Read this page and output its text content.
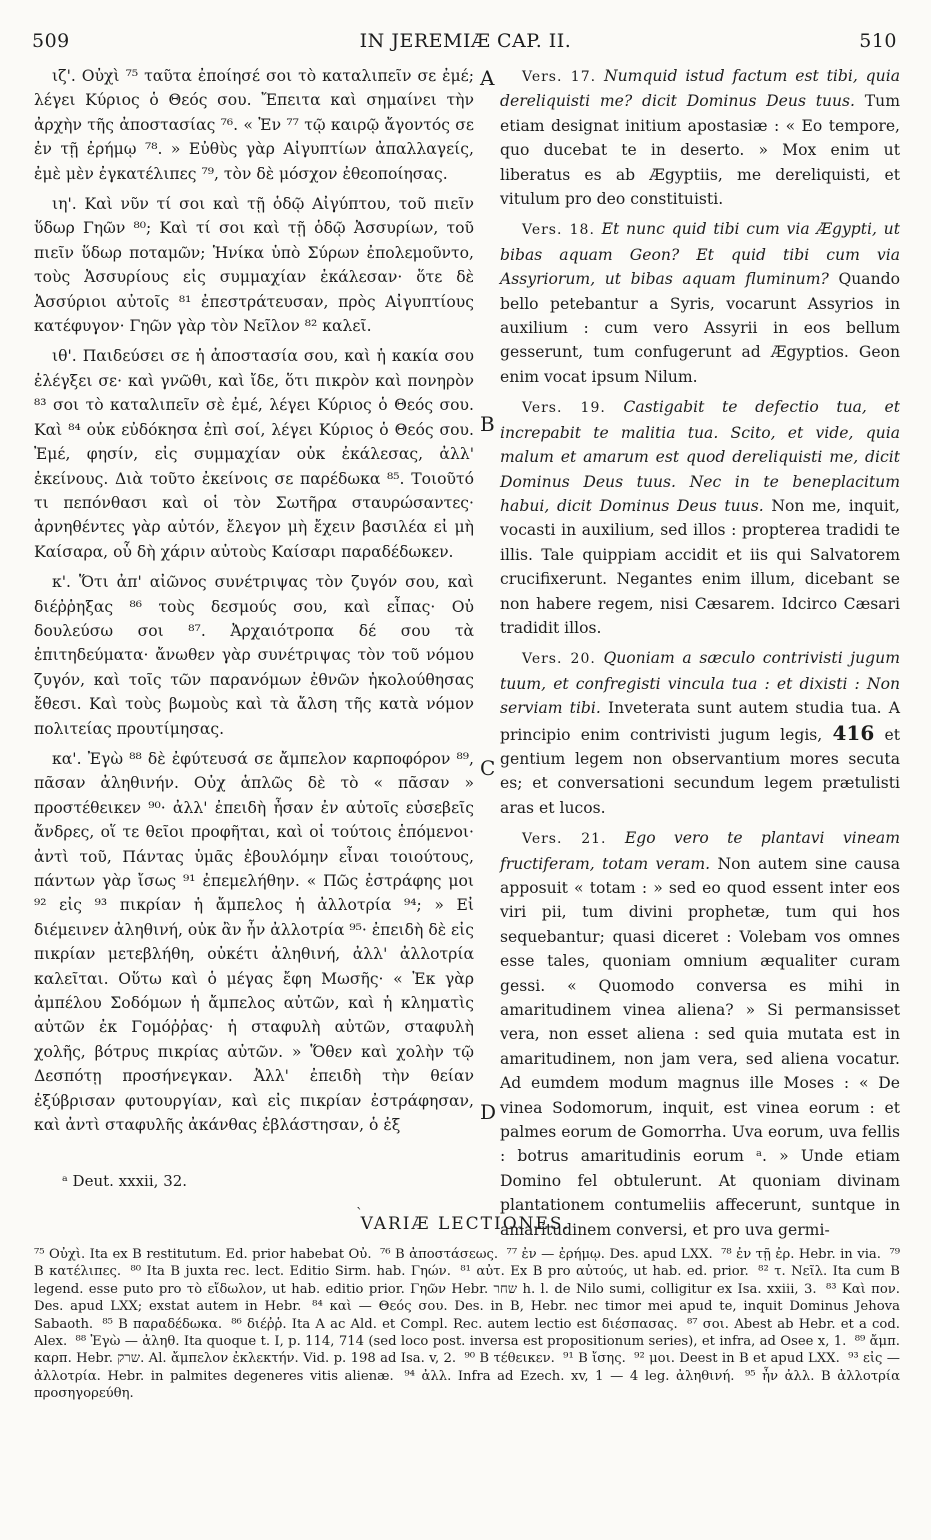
509	IN JEREMIÆ CAP. II.	510

ιζ'. Οὐχὶ ⁷⁵ ταῦτα ἐποίησέ σοι τὸ καταλιπεῖν σε ἐμέ; λέγει Κύριος ὁ Θεός σου. Ἔπειτα καὶ σημαίνει τὴν ἀρχὴν τῆς ἀποστασίας ⁷⁶. « Ἐν ⁷⁷ τῷ καιρῷ ἄγοντός σε ἐν τῇ ἐρήμῳ ⁷⁸. » Εὐθὺς γὰρ Αἰγυπτίων ἀπαλλαγείς, ἐμὲ μὲν ἐγκατέλιπες ⁷⁹, τὸν δὲ μόσχον ἐθεοποίησας.

ιη'. Καὶ νῦν τί σοι καὶ τῇ ὁδῷ Αἰγύπτου, τοῦ πιεῖν ὕδωρ Γηῶν ⁸⁰; Καὶ τί σοι καὶ τῇ ὁδῷ Ἀσσυρίων, τοῦ πιεῖν ὕδωρ ποταμῶν; Ἡνίκα ὑπὸ Σύρων ἐπολεμοῦντο, τοὺς Ἀσσυρίους εἰς συμμαχίαν ἐκάλεσαν· ὅτε δὲ Ἀσσύριοι αὐτοῖς ⁸¹ ἐπεστράτευσαν, πρὸς Αἰγυπτίους κατέφυγον· Γηῶν γὰρ τὸν Νεῖλον ⁸² καλεῖ.

ιθ'. Παιδεύσει σε ἡ ἀποστασία σου, καὶ ἡ κακία σου ἐλέγξει σε· καὶ γνῶθι, καὶ ἴδε, ὅτι πικρὸν καὶ πονηρὸν ⁸³ σοι τὸ καταλιπεῖν σὲ ἐμέ, λέγει Κύριος ὁ Θεός σου. Καὶ ⁸⁴ οὐκ εὐδόκησα ἐπὶ σοί, λέγει Κύριος ὁ Θεός σου. Ἐμέ, φησίν, εἰς συμμαχίαν οὐκ ἐκάλεσας, ἀλλ' ἐκείνους. Διὰ τοῦτο ἐκείνοις σε παρέδωκα ⁸⁵. Τοιοῦτό τι πεπόνθασι καὶ οἱ τὸν Σωτῆρα σταυρώσαντες· ἀρνηθέντες γὰρ αὐτόν, ἔλεγον μὴ ἔχειν βασιλέα εἰ μὴ Καίσαρα, οὗ δὴ χάριν αὐτοὺς Καίσαρι παραδέδωκεν.

κ'. Ὅτι ἀπ' αἰῶνος συνέτριψας τὸν ζυγόν σου, καὶ διέῤῥηξας ⁸⁶ τοὺς δεσμούς σου, καὶ εἶπας· Οὐ δουλεύσω σοι ⁸⁷. Ἀρχαιότροπα δέ σου τὰ ἐπιτηδεύματα· ἄνωθεν γὰρ συνέτριψας τὸν τοῦ νόμου ζυγόν, καὶ τοῖς τῶν παρανόμων ἐθνῶν ἠκολούθησας ἔθεσι. Καὶ τοὺς βωμοὺς καὶ τὰ ἄλση τῆς κατὰ νόμον πολιτείας προυτίμησας.

κα'. Ἐγὼ ⁸⁸ δὲ ἐφύτευσά σε ἄμπελον καρποφόρον ⁸⁹, πᾶσαν ἀληθινήν. Οὐχ ἁπλῶς δὲ τὸ « πᾶσαν » προστέθεικεν ⁹⁰· ἀλλ' ἐπειδὴ ἦσαν ἐν αὐτοῖς εὐσεβεῖς ἄνδρες, οἵ τε θεῖοι προφῆται, καὶ οἱ τούτοις ἑπόμενοι· ἀντὶ τοῦ, Πάντας ὑμᾶς ἐβουλόμην εἶναι τοιούτους, πάντων γὰρ ἴσως ⁹¹ ἐπεμελήθην. « Πῶς ἐστράφης μοι ⁹² εἰς ⁹³ πικρίαν ἡ ἄμπελος ἡ ἀλλοτρία ⁹⁴; » Εἰ διέμεινεν ἀληθινή, οὐκ ἂν ἦν ἀλλοτρία ⁹⁵· ἐπειδὴ δὲ εἰς πικρίαν μετεβλήθη, οὐκέτι ἀληθινή, ἀλλ' ἀλλοτρία καλεῖται. Οὕτω καὶ ὁ μέγας ἔφη Μωσῆς· « Ἐκ γὰρ ἀμπέλου Σοδόμων ἡ ἄμπελος αὐτῶν, καὶ ἡ κληματὶς αὐτῶν ἐκ Γομόῤῥας· ἡ σταφυλὴ αὐτῶν, σταφυλὴ χολῆς, βότρυς πικρίας αὐτῶν. » Ὅθεν καὶ χολὴν τῷ Δεσπότῃ προσήνεγκαν. Ἀλλ' ἐπειδὴ τὴν θείαν ἐξύβρισαν φυτουργίαν, καὶ εἰς πικρίαν ἐστράφησαν, καὶ ἀντὶ σταφυλῆς ἀκάνθας ἐβλάστησαν, ὁ ἐξ

A
B
C
D

Vers. 17. Numquid istud factum est tibi, quia dereliquisti me? dicit Dominus Deus tuus. Tum etiam designat initium apostasiæ : « Eo tempore, quo ducebat te in deserto. » Mox enim ut liberatus es ab Ægyptiis, me dereliquisti, et vitulum pro deo constituisti.

Vers. 18. Et nunc quid tibi cum via Ægypti, ut bibas aquam Geon? Et quid tibi cum via Assyriorum, ut bibas aquam fluminum? Quando bello petebantur a Syris, vocarunt Assyrios in auxilium : cum vero Assyrii in eos bellum gesserunt, tum confugerunt ad Ægyptios. Geon enim vocat ipsum Nilum.

Vers. 19. Castigabit te defectio tua, et increpabit te malitia tua. Scito, et vide, quia malum et amarum est quod dereliquisti me, dicit Dominus Deus tuus. Nec in te beneplacitum habui, dicit Dominus Deus tuus. Non me, inquit, vocasti in auxilium, sed illos : propterea tradidi te illis. Tale quippiam accidit et iis qui Salvatorem crucifixerunt. Negantes enim illum, dicebant se non habere regem, nisi Cæsarem. Idcirco Cæsari tradidit illos.

Vers. 20. Quoniam a sæculo contrivisti jugum tuum, et confregisti vincula tua : et dixisti : Non serviam tibi. Inveterata sunt autem studia tua. A principio enim contrivisti jugum legis, 416 et gentium legem non observantium mores secuta es; et conversationi secundum legem prætulisti aras et lucos.

Vers. 21. Ego vero te plantavi vineam fructiferam, totam veram. Non autem sine causa apposuit « totam : » sed eo quod essent inter eos viri pii, tum divini prophetæ, tum qui hos sequebantur; quasi diceret : Volebam vos omnes esse tales, quoniam omnium æqualiter curam gessi. « Quomodo conversa es mihi in amaritudinem vinea aliena? » Si permansisset vera, non esset aliena : sed quia mutata est in amaritudinem, non jam vera, sed aliena vocatur. Ad eumdem modum magnus ille Moses : « De vinea Sodomorum, inquit, est vinea eorum : et palmes eorum de Gomorrha. Uva eorum, uva fellis : botrus amaritudinis eorum ᵃ. » Unde etiam Domino fel obtulerunt. At quoniam divinam plantationem contumeliis affecerunt, suntque in amaritudinem conversi, et pro uva germi-

ᵃ Deut. xxxii, 32.
`
VARIÆ LECTIONES.
⁷⁵ Οὐχὶ. Ita ex B restitutum. Ed. prior habebat Οὐ. ⁷⁶ B ἀποστάσεως. ⁷⁷ ἐν — ἐρήμῳ. Des. apud LXX. ⁷⁸ ἐν τῇ ἐρ. Hebr. in via. ⁷⁹ B κατέλιπες. ⁸⁰ Ita B juxta rec. lect. Editio Sirm. hab. Γηών. ⁸¹ αὐτ. Ex B pro αὐτούς, ut hab. ed. prior. ⁸² τ. Νεῖλ. Ita cum B legend. esse puto pro τὸ εἴδωλον, ut hab. editio prior. Γηῶν Hebr. שחר h. l. de Nilo sumi, colligitur ex Isa. xxiii, 3. ⁸³ Καὶ πον. Des. apud LXX; exstat autem in Hebr. ⁸⁴ καὶ — Θεός σου. Des. in B, Hebr. nec timor mei apud te, inquit Dominus Jehova Sabaoth. ⁸⁵ B παραδέδωκα. ⁸⁶ διέῤῥ. Ita A ac Ald. et Compl. Rec. autem lectio est διέσπασας. ⁸⁷ σοι. Abest ab Hebr. et a cod. Alex. ⁸⁸ Ἐγὼ — ἀληθ. Ita quoque t. I, p. 114, 714 (sed loco post. inversa est propositionum series), et infra, ad Osee x, 1. ⁸⁹ ἄμπ. καρπ. Hebr. שרק. Al. ἄμπελον ἐκλεκτήν. Vid. p. 198 ad Isa. v, 2. ⁹⁰ B τέθεικεν. ⁹¹ B ἴσης. ⁹² μοι. Deest in B et apud LXX. ⁹³ εἰς — ἀλλοτρία. Hebr. in palmites degeneres vitis alienæ. ⁹⁴ ἀλλ. Infra ad Ezech. xv, 1 — 4 leg. ἀληθινή. ⁹⁵ ἦν ἀλλ. B ἀλλοτρία προσηγορεύθη.
